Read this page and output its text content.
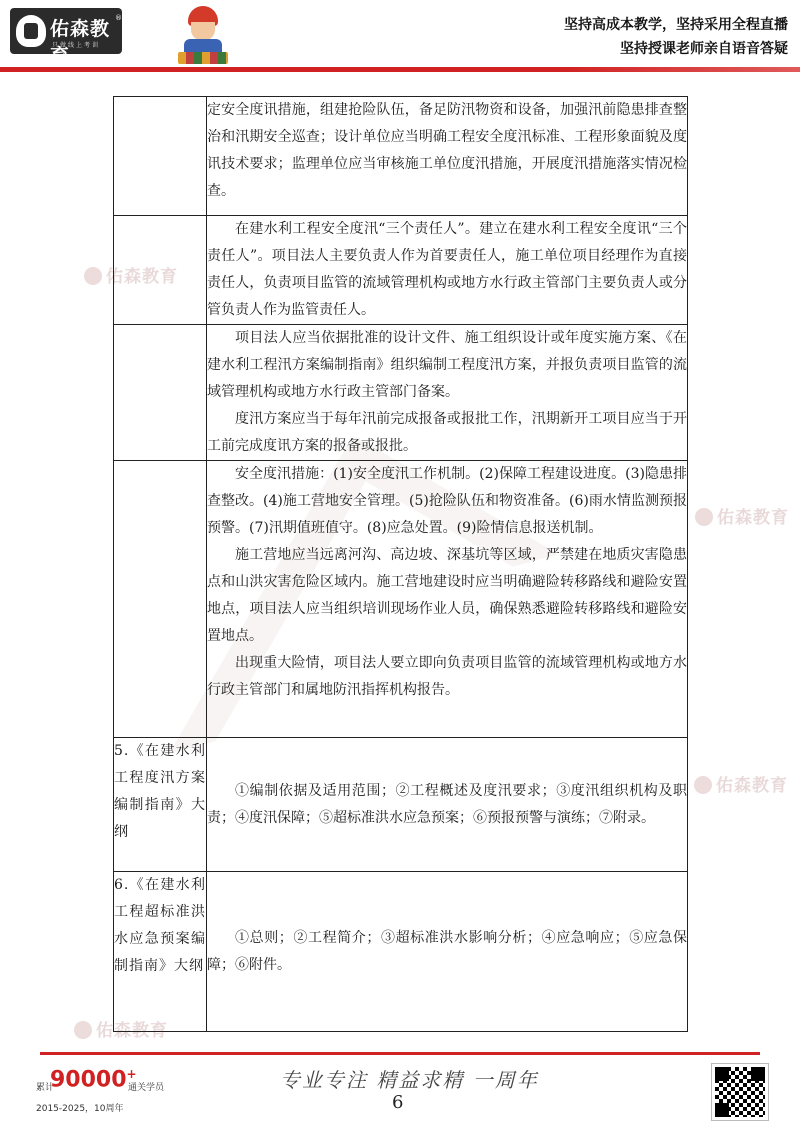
佑森教育
®
只做线上考训
坚持高成本教学，坚持采用全程直播
坚持授课老师亲自语音答疑
佑森教育
佑森教育
佑森教育
佑森教育

	定安全度讯措施，组建抢险队伍，备足防汛物资和设备，加强汛前隐患排查整治和汛期安全巡查；设计单位应当明确工程安全度汛标准、工程形象面貌及度讯技术要求；监理单位应当审核施工单位度汛措施，开展度汛措施落实情况检查。

	在建水利工程安全度汛“三个责任人”。建立在建水利工程安全度讯“三个责任人”。项目法人主要负责人作为首要责任人，施工单位项目经理作为直接责任人，负责项目监管的流域管理机构或地方水行政主管部门主要负责人或分管负责人作为监管责任人。

	项目法人应当依据批准的设计文件、施工组织设计或年度实施方案、《在建水利工程汛方案编制指南》组织编制工程度汛方案，并报负责项目监管的流域管理机构或地方水行政主管部门备案。

度汛方案应当于每年汛前完成报备或报批工作，汛期新开工项目应当于开工前完成度讯方案的报备或报批。

	安全度汛措施：(1)安全度汛工作机制。(2)保障工程建设进度。(3)隐患排查整改。(4)施工营地安全管理。(5)抢险队伍和物资准备。(6)雨水情监测预报预警。(7)汛期值班值守。(8)应急处置。(9)险情信息报送机制。

施工营地应当远离河沟、高边坡、深基坑等区域，严禁建在地质灾害隐患点和山洪灾害危险区域内。施工营地建设时应当明确避险转移路线和避险安置地点，项目法人应当组织培训现场作业人员，确保熟悉避险转移路线和避险安置地点。

出现重大险情，项目法人要立即向负责项目监管的流域管理机构或地方水行政主管部门和属地防汛指挥机构报告。

5.《在建水利工程度汛方案编制指南》大纲	①编制依据及适用范围；②工程概述及度汛要求；③度汛组织机构及职责；④度汛保障；⑤超标准洪水应急预案；⑥预报预警与演练；⑦附录。

6.《在建水利工程超标准洪水应急预案编制指南》大纲	①总则；②工程简介；③超标准洪水影响分析；④应急响应；⑤应急保障；⑥附件。

累计
90000+
通关学员
2015-2025，10周年
专业专注 精益求精 一周年
6
